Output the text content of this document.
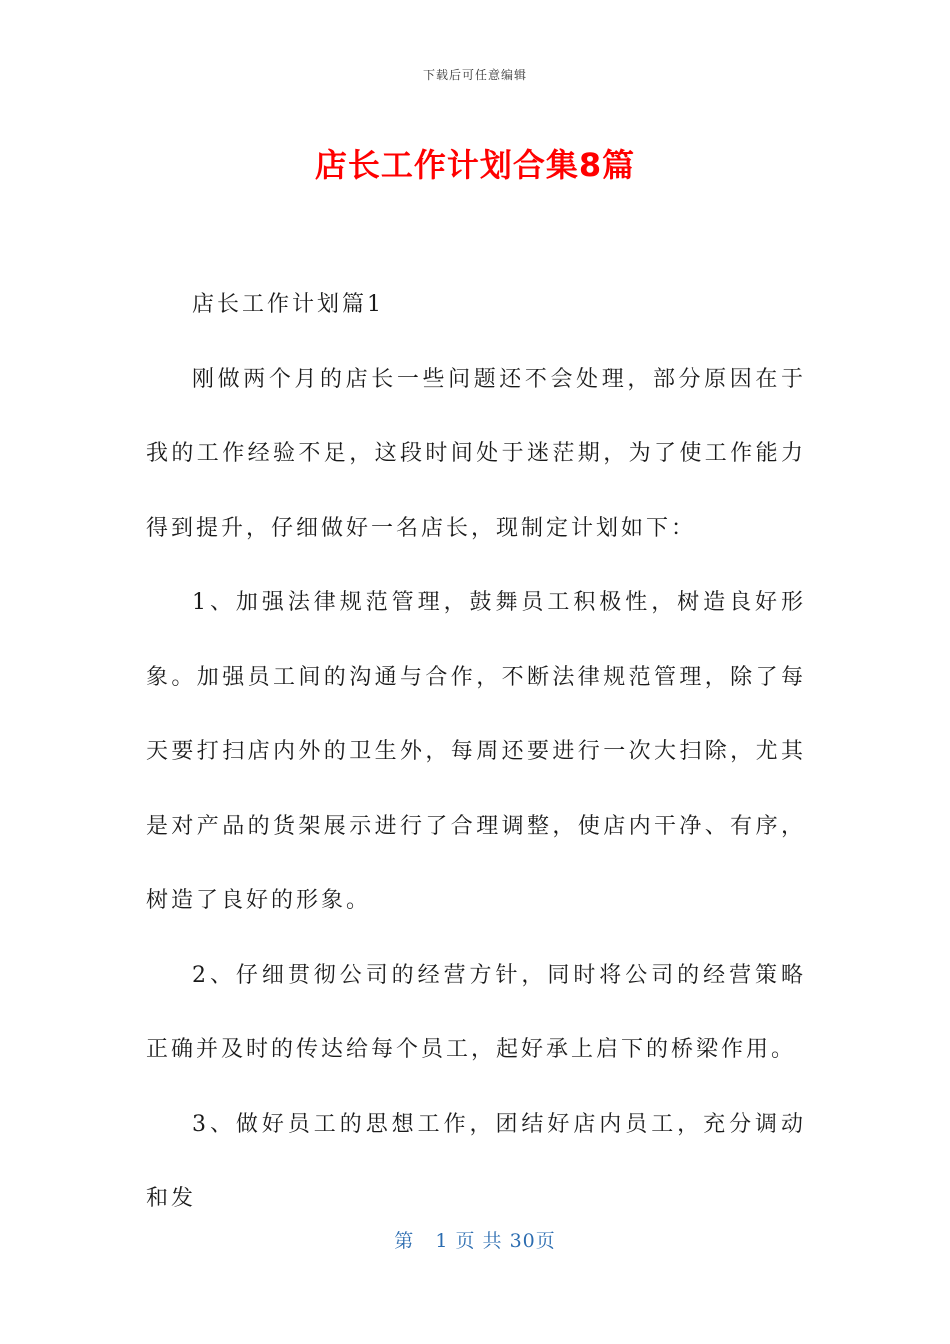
下载后可任意编辑
店长工作计划合集8篇

店长工作计划篇1

刚做两个月的店长一些问题还不会处理，部分原因在于我的工作经验不足，这段时间处于迷茫期，为了使工作能力得到提升，仔细做好一名店长，现制定计划如下：

1、加强法律规范管理，鼓舞员工积极性，树造良好形象。加强员工间的沟通与合作，不断法律规范管理，除了每天要打扫店内外的卫生外，每周还要进行一次大扫除，尤其是对产品的货架展示进行了合理调整，使店内干净、有序，树造了良好的形象。

2、仔细贯彻公司的经营方针，同时将公司的经营策略正确并及时的传达给每个员工，起好承上启下的桥梁作用。

3、做好员工的思想工作，团结好店内员工，充分调动和发

第 1 页 共 30页
